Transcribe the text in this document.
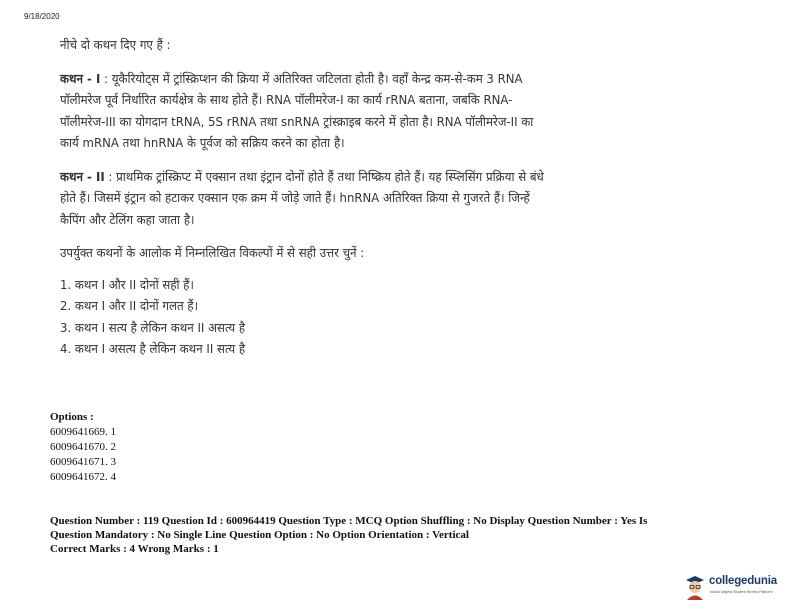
9/18/2020

नीचे दो कथन दिए गए हैं :

कथन - I : यूकैरियोट्स में ट्रांस्क्रिप्शन की क्रिया में अतिरिक्त जटिलता होती है। वहाँ केन्द्र कम-से-कम 3 RNA पॉलीमरेज पूर्व निर्धारित कार्यक्षेत्र के साथ होते हैं। RNA पॉलीमरेज-I का कार्य rRNA बताना, जबकि RNA- पॉलीमरेज-III का योगदान tRNA, 5S rRNA तथा snRNA ट्रांस्क्राइब करने में होता है। RNA पॉलीमरेज-II का कार्य mRNA तथा hnRNA के पूर्वज को सक्रिय करने का होता है।

कथन - II : प्राथमिक ट्रांस्क्रिप्ट में एक्सान तथा इंट्रान दोनों होते हैं तथा निष्क्रिय होते हैं। यह स्प्लिसिंग प्रक्रिया से बंधे होते हैं। जिसमें इंट्रान को हटाकर एक्सान एक क्रम में जोड़े जाते हैं। hnRNA अतिरिक्त क्रिया से गुजरते हैं। जिन्हें कैपिंग और टेलिंग कहा जाता है।

उपर्युक्त कथनों के आलोक में निम्नलिखित विकल्पों में से सही उत्तर चुनें :

1. कथन I और II दोनों सही हैं।
2. कथन I और II दोनों गलत हैं।
3. कथन I सत्य है लेकिन कथन II असत्य है
4. कथन I असत्य है लेकिन कथन II सत्य है
Options :
6009641669. 1
6009641670. 2
6009641671. 3
6009641672. 4
Question Number : 119 Question Id : 600964419 Question Type : MCQ Option Shuffling : No Display Question Number : Yes Is
Question Mandatory : No Single Line Question Option : No Option Orientation : Vertical
Correct Marks : 4 Wrong Marks : 1
collegedunia
India's largest Student Review Platform
